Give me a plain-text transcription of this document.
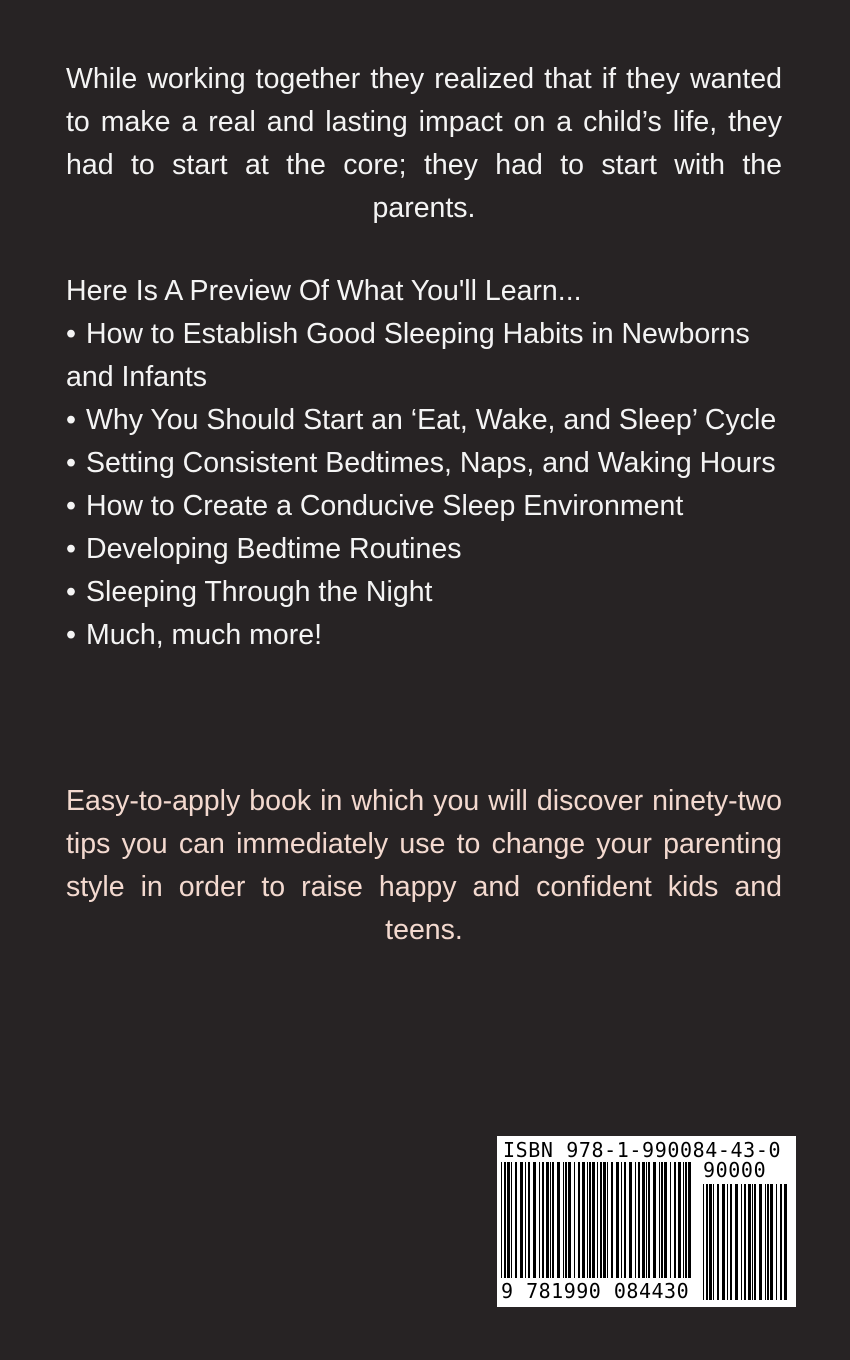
While working together they realized that if they wanted to make a real and lasting impact on a child’s life, they had to start at the core; they had to start with the parents.

Here Is A Preview Of What You'll Learn...

• How to Establish Good Sleeping Habits in Newborns and Infants
• Why You Should Start an ‘Eat, Wake, and Sleep’ Cycle
• Setting Consistent Bedtimes, Naps, and Waking Hours
• How to Create a Conducive Sleep Environment
• Developing Bedtime Routines
• Sleeping Through the Night
• Much, much more!

Easy-to-apply book in which you will discover ninety-two tips you can immediately use to change your parenting style in order to raise happy and confident kids and teens.

ISBN 978-1-990084-43-0
90000
9 781990 084430
